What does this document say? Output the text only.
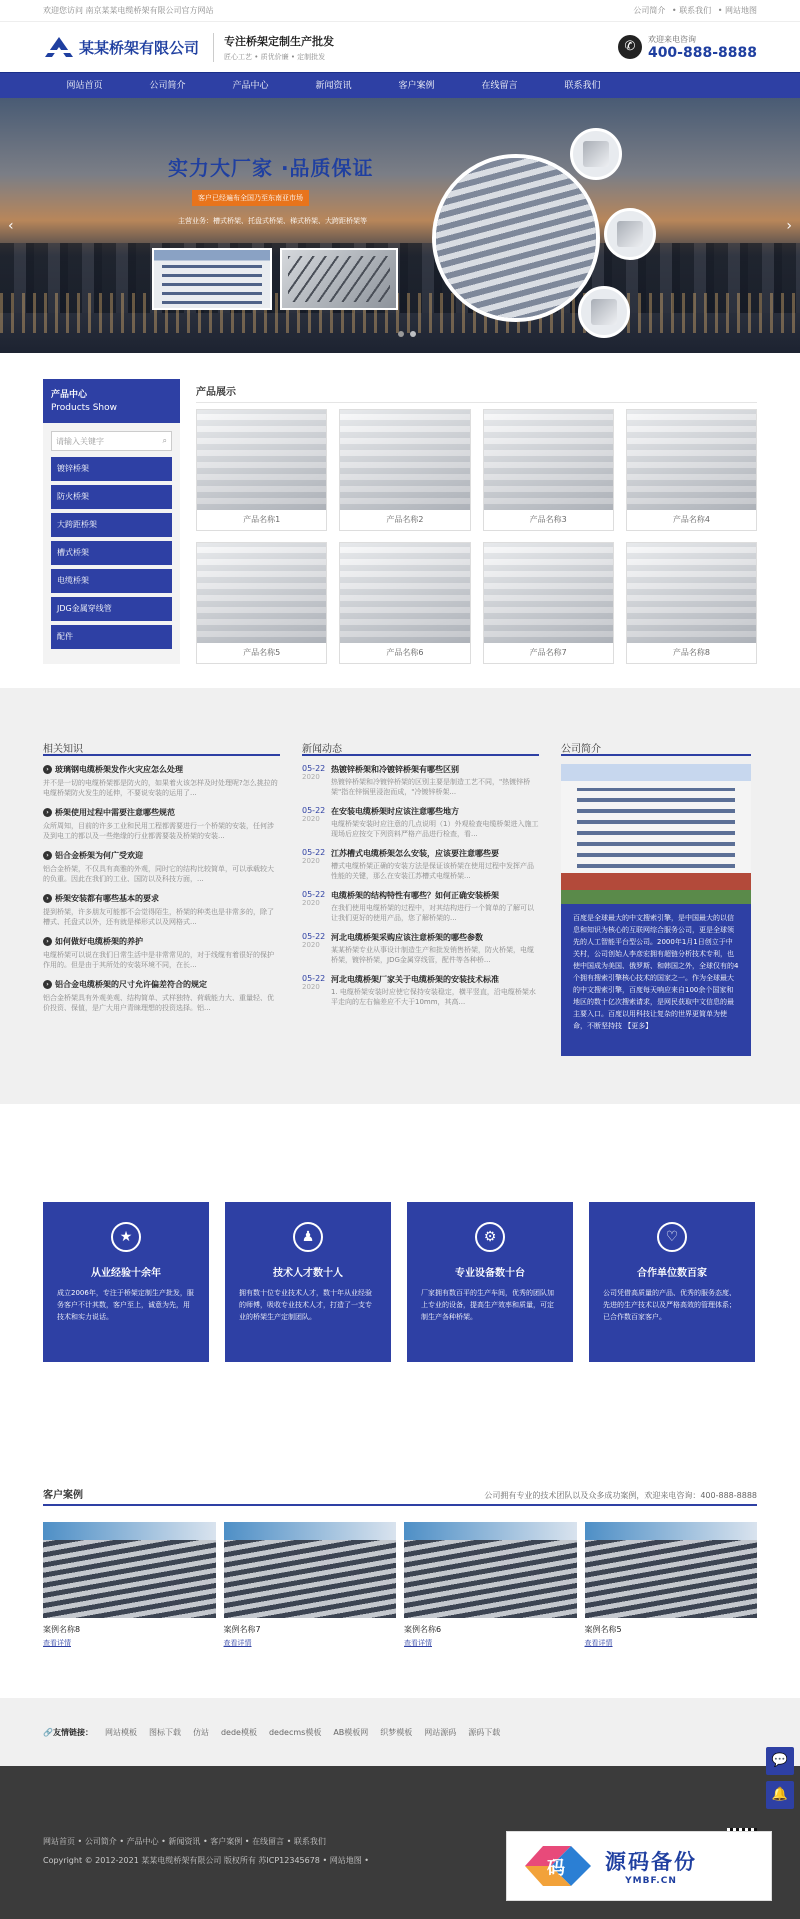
欢迎您访问 南京某某电缆桥架有限公司官方网站	公司简介 • 联系我们 • 网站地图
某某桥架有限公司 专注桥架定制生产批发
匠心工艺 • 质优价廉 • 定制批发
✆	欢迎来电咨询
400-888-8888
网站首页	公司简介	产品中心	新闻资讯	客户案例	在线留言	联系我们
实力大厂家 ·品质保证
客户已经遍布全国乃至东南亚市场
主营业务：槽式桥架、托盘式桥架、梯式桥架、大跨距桥架等
‹	›
产品中心
Products Show
请输入关键字	⌕
镀锌桥架
防火桥架
大跨距桥架
槽式桥架
电缆桥架
JDG金属穿线管
配件
产品展示
产品名称1	产品名称2	产品名称3	产品名称4
产品名称5	产品名称6	产品名称7	产品名称8
相关知识
› 玻璃钢电缆桥架发作火灾应怎么处理
并不是一切的电缆桥架都是防火的，如果着火该怎样及时处理呢?怎么挑拉的电缆桥架防火发生的延伸，不要说安装的运用了...
› 桥架使用过程中需要注意哪些规范
众所周知，目前的许多工业和民用工程都需要进行一个桥架的安装，任何涉及到电工的都以及一些绝缘的行业都需要装及桥架的安装...
› 铝合金桥架为何广受欢迎
铝合金桥架，不仅具有高雅的外观，同时它的结构比较简单，可以承载较大的负重。因此在我们的工业、国防以及科技方面，...
› 桥架安装都有哪些基本的要求
提到桥架，许多朋友可能都不会觉得陌生，桥架的种类也是非常多的，除了槽式、托盘式以外，还有就是梯形式以及网格式...
› 如何做好电缆桥架的养护
电缆桥架可以说在我们日常生活中是非常常见的，对于线缆有着很好的保护作用的。但是由于其所处的安装环境不同，在长...
› 铝合金电缆桥架的尺寸允许偏差符合的规定
铝合金桥架具有外观美观、结构简单、式样独特、荷载能力大、重量轻、优价投资、保值，是广大用户青睐理想的投资选择。铝...
新闻动态
05-22
2020
热镀锌桥架和冷镀锌桥架有哪些区别
热镀锌桥架和冷镀锌桥架的区别主要是制造工艺不同，"热镀锌桥架"指在锌锅里浸泡而成，"冷镀锌桥架...
05-22
2020
在安装电缆桥架时应该注意哪些地方
电缆桥架安装时应注意的几点说明（1）外观检查电缆桥架进入施工现场后应按交下列资料严格产品进行检查，看...
05-22
2020
江苏槽式电缆桥架怎么安装，应该要注意哪些要
槽式电缆桥架正确的安装方法是保证该桥架在使用过程中发挥产品性能的关键，那么在安装江苏槽式电缆桥架...
05-22
2020
电缆桥架的结构特性有哪些？如何正确安装桥架
在我们使用电缆桥架的过程中，对其结构进行一个简单的了解可以让我们更好的使用产品，您了解桥架的...
05-22
2020
河北电缆桥架采购应该注意桥架的哪些参数
某某桥架专业从事设计制造生产和批发销售桥架，防火桥架，电缆桥架，镀锌桥架，JDG金属穿线管，配件等各种桥...
05-22
2020
河北电缆桥架厂家关于电缆桥架的安装技术标准
1. 电缆桥架安装时应使它保持安装稳定，横平竖直，沿电缆桥架水平走向的左右偏差应不大于10mm，其高...
公司简介
百度是全球最大的中文搜索引擎，是中国最大的以信息和知识为核心的互联网综合服务公司，更是全球领先的人工智能平台型公司。2000年1月1日创立于中关村，公司创始人李彦宏拥有超链分析技术专利，也使中国成为美国、俄罗斯、和韩国之外，全球仅有的4个拥有搜索引擎核心技术的国家之一。作为全球最大的中文搜索引擎，百度每天响应来自100余个国家和地区的数十亿次搜索请求，是网民获取中文信息的最主要入口。百度以用科技让复杂的世界更简单为使命，不断坚持技 【更多】
★
从业经验十余年
成立2006年，专注于桥架定制生产批发，服务客户不计其数，客户至上，诚意为先，用技术和实力说话。
♟
技术人才数十人
拥有数十位专业技术人才，数十年从业经验的师傅，吸收专业技术人才，打造了一支专业的桥架生产定制团队。
⚙
专业设备数十台
厂家拥有数百平的生产车间，优秀的团队加上专业的设备，提高生产效率和质量，可定制生产各种桥架。
♡
合作单位数百家
公司凭借高质量的产品、优秀的服务态度、先进的生产技术以及严格高效的管理体系；已合作数百家客户。
客户案例	公司拥有专业的技术团队以及众多成功案例，欢迎来电咨询：400-888-8888
案例名称8
查看详情
案例名称7
查看详情
案例名称6
查看详情
案例名称5
查看详情
🔗友情链接： 网站模板 图标下载 仿站 dede模板 dedecms模板 AB模板网 织梦模板 网站源码 源码下载
网站首页 • 公司简介 • 产品中心 • 新闻资讯 • 客户案例 • 在线留言 • 联系我们
Copyright © 2012-2021 某某电缆桥架有限公司 版权所有 苏ICP12345678 • 网站地图 •
💬
🔔
码 源码备份
YMBF.CN
